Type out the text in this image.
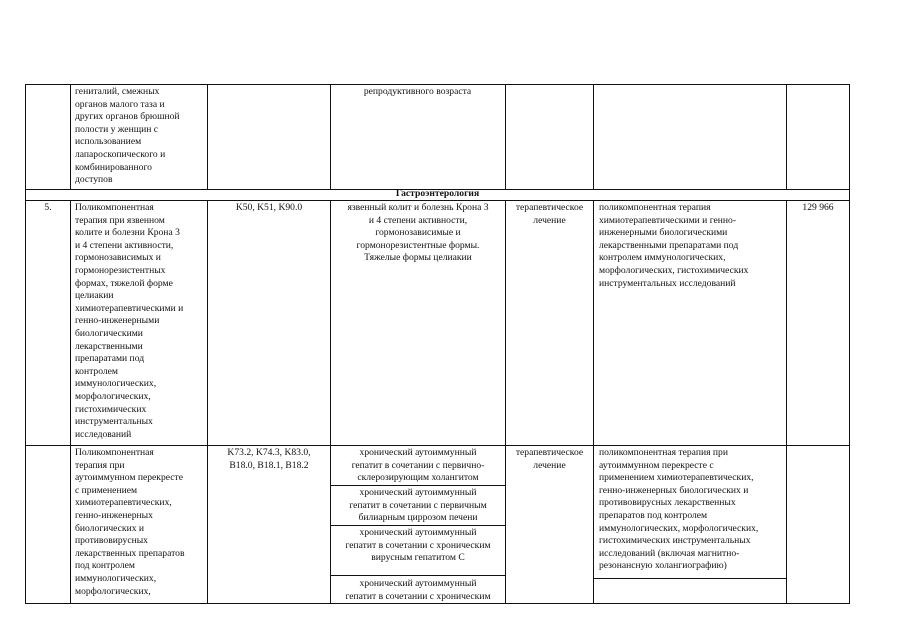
гениталий, смежных
органов малого таза и
других органов брюшной
полости у женщин с
использованием
лапароскопического и
комбинированного
доступов
репродуктивного возраста
Гастроэнтерология
5.	Поликомпонентная
терапия при язвенном
колите и болезни Крона 3
и 4 степени активности,
гормонозависимых и
гормонорезистентных
формах, тяжелой форме
целиакии
химиотерапевтическими и
генно-инженерными
биологическими
лекарственными
препаратами под
контролем
иммунологических,
морфологических,
гистохимических
инструментальных
исследований
K50, K51, K90.0	язвенный колит и болезнь Крона 3
и 4 степени активности,
гормонозависимые и
гормонорезистентные формы.
Тяжелые формы целиакии
терапевтическое
лечение
поликомпонентная терапия
химиотерапевтическими и генно-
инженерными биологическими
лекарственными препаратами под
контролем иммунологических,
морфологических, гистохимических
инструментальных исследований
129 966
Поликомпонентная
терапия при
аутоиммунном перекресте
с применением
химиотерапевтических,
генно-инженерных
биологических и
противовирусных
лекарственных препаратов
под контролем
иммунологических,
морфологических,
K73.2, K74.3, K83.0,
B18.0, B18.1, B18.2
хронический аутоиммунный
гепатит в сочетании с первично-
склерозирующим холангитом
хронический аутоиммунный
гепатит в сочетании с первичным
билиарным циррозом печени
хронический аутоиммунный
гепатит в сочетании с хроническим
вирусным гепатитом C
хронический аутоиммунный
гепатит в сочетании с хроническим
терапевтическое
лечение
поликомпонентная терапия при
аутоиммунном перекресте с
применением химиотерапевтических,
генно-инженерных биологических и
противовирусных лекарственных
препаратов под контролем
иммунологических, морфологических,
гистохимических инструментальных
исследований (включая магнитно-
резонансную холангиографию)
